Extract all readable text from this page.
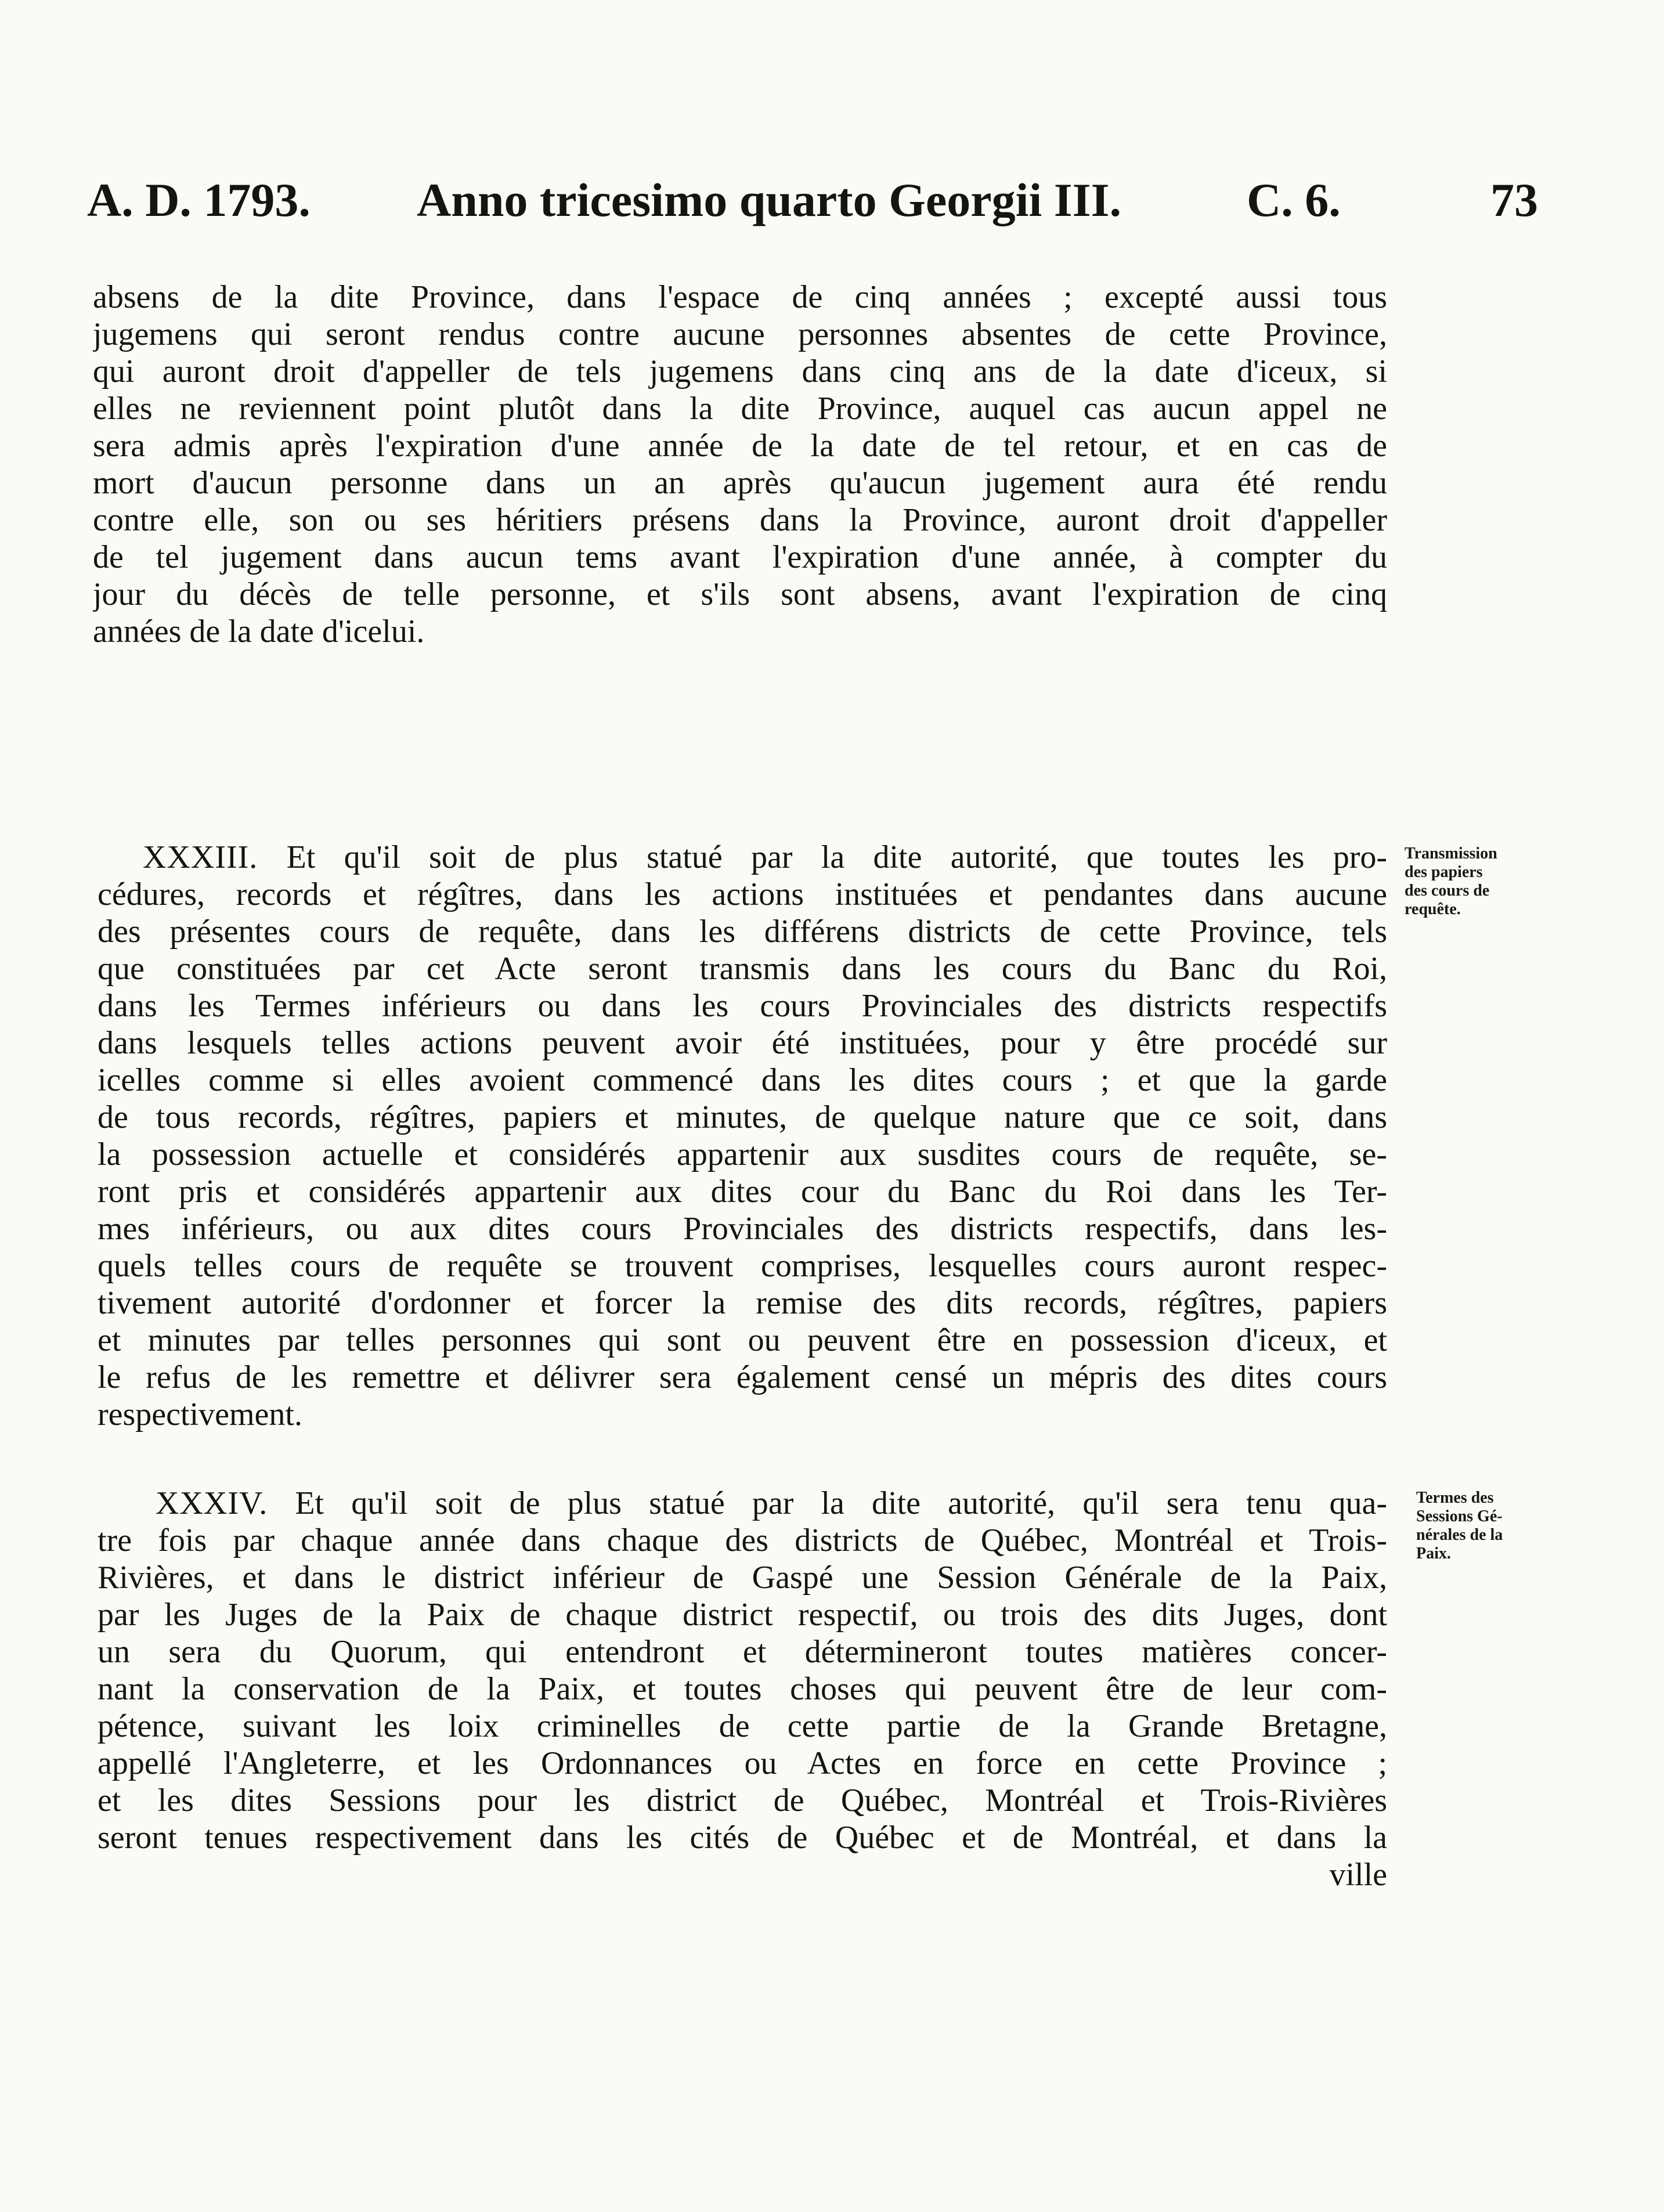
A. D. 1793. Anno tricesimo quarto Georgii III.	C. 6.	73
absens de la dite Province, dans l'espace de cinq années ; excepté aussi tous
jugemens qui seront rendus contre aucune personnes absentes de cette Province,
qui auront droit d'appeller de tels jugemens dans cinq ans de la date d'iceux, si
elles ne reviennent point plutôt dans la dite Province, auquel cas aucun appel ne
sera admis après l'expiration d'une année de la date de tel retour, et en cas de
mort d'aucun personne dans un an après qu'aucun jugement aura été rendu
contre elle, son ou ses héritiers présens dans la Province, auront droit d'appeller
de tel jugement dans aucun tems avant l'expiration d'une année, à compter du
jour du décès de telle personne, et s'ils sont absens, avant l'expiration de cinq
années de la date d'icelui.
XXXIII. Et qu'il soit de plus statué par la dite autorité, que toutes les pro-
cédures, records et régîtres, dans les actions instituées et pendantes dans aucune
des présentes cours de requête, dans les différens districts de cette Province, tels
que constituées par cet Acte seront transmis dans les cours du Banc du Roi,
dans les Termes inférieurs ou dans les cours Provinciales des districts respectifs
dans lesquels telles actions peuvent avoir été instituées, pour y être procédé sur
icelles comme si elles avoient commencé dans les dites cours ; et que la garde
de tous records, régîtres, papiers et minutes, de quelque nature que ce soit, dans
la possession actuelle et considérés appartenir aux susdites cours de requête, se-
ront pris et considérés appartenir aux dites cour du Banc du Roi dans les Ter-
mes inférieurs, ou aux dites cours Provinciales des districts respectifs, dans les-
quels telles cours de requête se trouvent comprises, lesquelles cours auront respec-
tivement autorité d'ordonner et forcer la remise des dits records, régîtres, papiers
et minutes par telles personnes qui sont ou peuvent être en possession d'iceux, et
le refus de les remettre et délivrer sera également censé un mépris des dites cours
respectivement.
Transmission
des papiers
des cours de
requête.
XXXIV. Et qu'il soit de plus statué par la dite autorité, qu'il sera tenu qua-
tre fois par chaque année dans chaque des districts de Québec, Montréal et Trois-
Rivières, et dans le district inférieur de Gaspé une Session Générale de la Paix,
par les Juges de la Paix de chaque district respectif, ou trois des dits Juges, dont
un sera du Quorum, qui entendront et détermineront toutes matières concer-
nant la conservation de la Paix, et toutes choses qui peuvent être de leur com-
pétence, suivant les loix criminelles de cette partie de la Grande Bretagne,
appellé l'Angleterre, et les Ordonnances ou Actes en force en cette Province ;
et les dites Sessions pour les district de Québec, Montréal et Trois-Rivières
seront tenues respectivement dans les cités de Québec et de Montréal, et dans la
ville
Termes des
Sessions Gé-
nérales de la
Paix.
